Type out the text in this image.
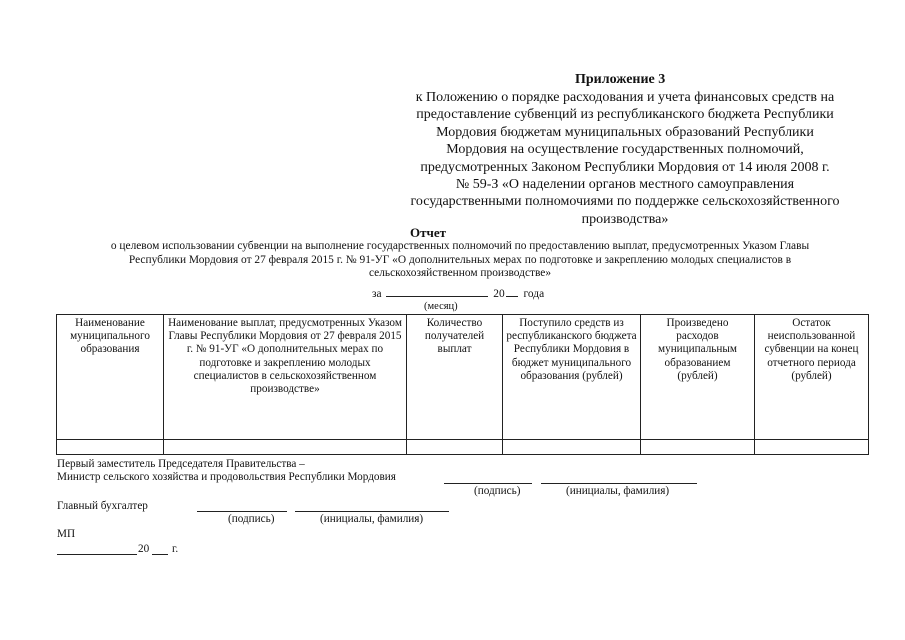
Приложение 3
к Положению о порядке расходования и учета финансовых средств на
предоставление субвенций из республиканского бюджета Республики
Мордовия бюджетам муниципальных образований Республики
Мордовия на осуществление государственных полномочий,
предусмотренных Законом Республики Мордовия от 14 июля 2008 г.
№ 59-З «О наделении органов местного самоуправления
государственными полномочиями по поддержке сельскохозяйственного
производства»
Отчет
о целевом использовании субвенции на выполнение государственных полномочий по предоставлению выплат, предусмотренных Указом Главы
Республики Мордовия от 27 февраля 2015 г. № 91-УГ «О дополнительных мерах по подготовке и закреплению молодых специалистов в
сельскохозяйственном производстве»
за	20 года
(месяц)
Наименование муниципального образования	Наименование выплат, предусмотренных Указом Главы Республики Мордовия от 27 февраля 2015 г. № 91-УГ «О дополнительных мерах по подготовке и закреплению молодых специалистов в сельскохозяйственном производстве»	Количество получателей выплат	Поступило средств из республиканского бюджета Республики Мордовия в бюджет муниципального образования (рублей)	Произведено расходов муниципальным образованием (рублей)	Остаток неиспользованной субвенции на конец отчетного периода (рублей)

Первый заместитель Председателя Правительства –
Министр сельского хозяйства и продовольствия Республики Мордовия
(подпись)	(инициалы, фамилия)
Главный бухгалтер
(подпись)	(инициалы, фамилия)
МП
20 г.
